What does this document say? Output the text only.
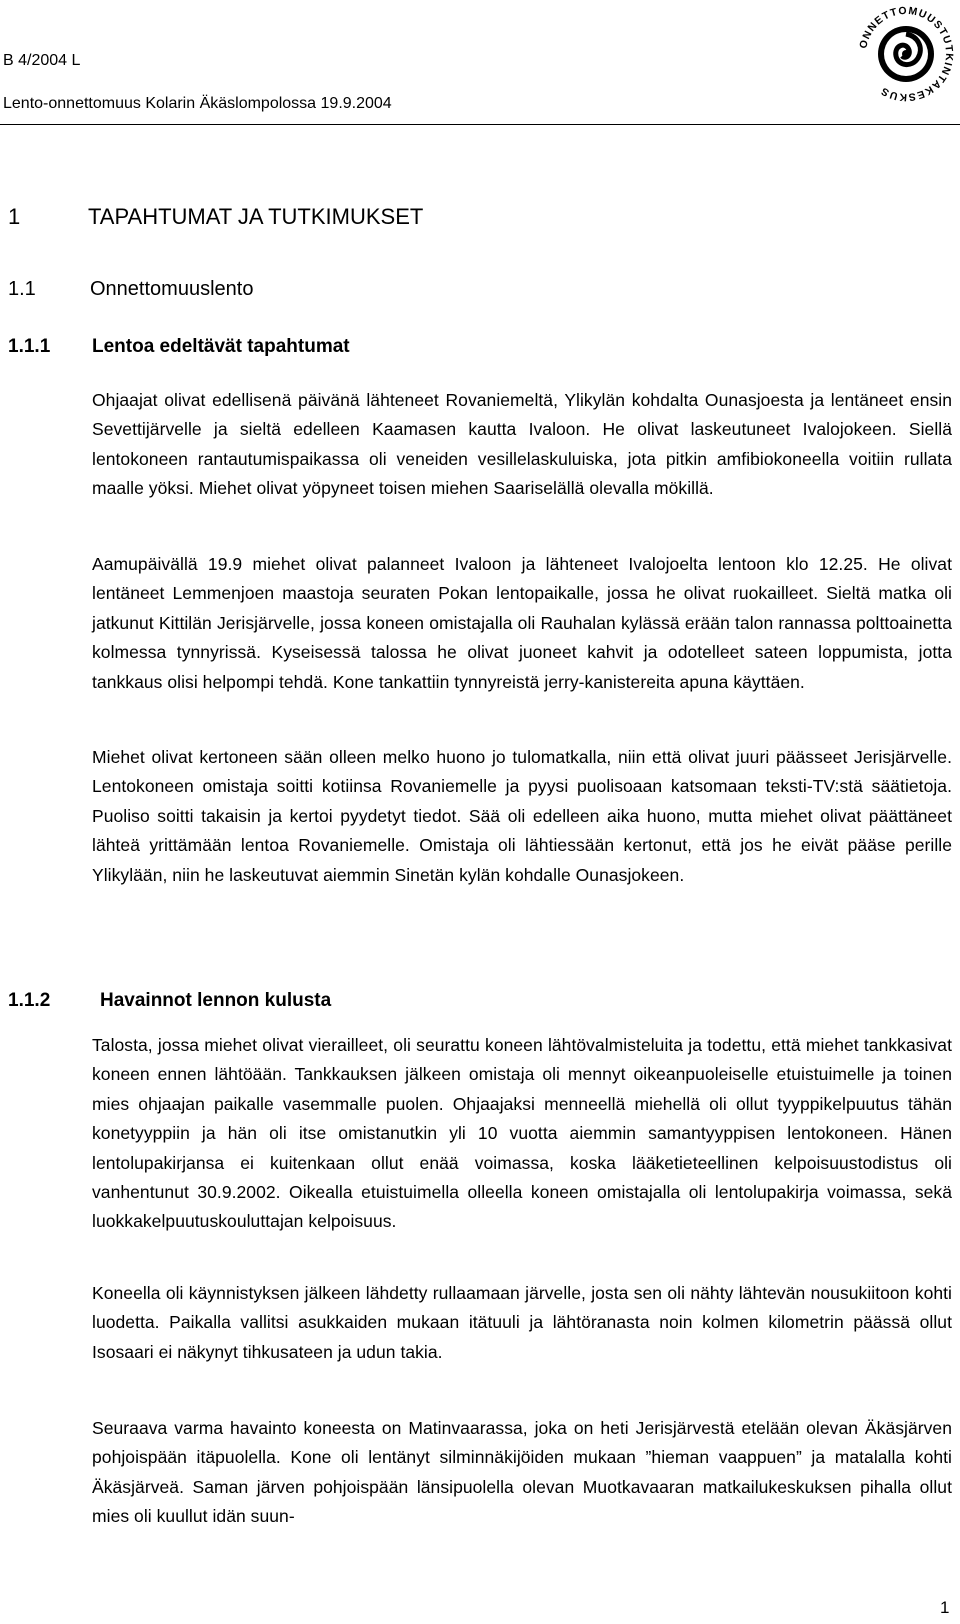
B 4/2004 L
Lento-onnettomuus Kolarin Äkäslompolossa 19.9.2004
ONNETTOMUUSTUTKINTAKESKUS
1	TAPAHTUMAT JA TUTKIMUKSET
1.1	Onnettomuuslento
1.1.1 Lentoa edeltävät tapahtumat

Ohjaajat olivat edellisenä päivänä lähteneet Rovaniemeltä, Ylikylän kohdalta Ounasjoesta ja lentäneet ensin Sevettijärvelle ja sieltä edelleen Kaamasen kautta Ivaloon. He olivat laskeutuneet Ivalojokeen. Siellä lentokoneen rantautumispaikassa oli veneiden vesillelaskuluiska, jota pitkin amfibiokoneella voitiin rullata maalle yöksi. Miehet olivat yöpyneet toisen miehen Saariselällä olevalla mökillä.

Aamupäivällä 19.9 miehet olivat palanneet Ivaloon ja lähteneet Ivalojoelta lentoon klo 12.25. He olivat lentäneet Lemmenjoen maastoja seuraten Pokan lentopaikalle, jossa he olivat ruokailleet. Sieltä matka oli jatkunut Kittilän Jerisjärvelle, jossa koneen omistajalla oli Rauhalan kylässä erään talon rannassa polttoainetta kolmessa tynnyrissä. Kyseisessä talossa he olivat juoneet kahvit ja odotelleet sateen loppumista, jotta tankkaus olisi helpompi tehdä. Kone tankattiin tynnyreistä jerry-kanistereita apuna käyttäen.

Miehet olivat kertoneen sään olleen melko huono jo tulomatkalla, niin että olivat juuri päässeet Jerisjärvelle. Lentokoneen omistaja soitti kotiinsa Rovaniemelle ja pyysi puolisoaan katsomaan teksti-TV:stä säätietoja. Puoliso soitti takaisin ja kertoi pyydetyt tiedot. Sää oli edelleen aika huono, mutta miehet olivat päättäneet lähteä yrittämään lentoa Rovaniemelle. Omistaja oli lähtiessään kertonut, että jos he eivät pääse perille Ylikylään, niin he laskeutuvat aiemmin Sinetän kylän kohdalle Ounasjokeen.

1.1.2	Havainnot lennon kulusta

Talosta, jossa miehet olivat vierailleet, oli seurattu koneen lähtövalmisteluita ja todettu, että miehet tankkasivat koneen ennen lähtöään. Tankkauksen jälkeen omistaja oli mennyt oikeanpuoleiselle etuistuimelle ja toinen mies ohjaajan paikalle vasemmalle puolen. Ohjaajaksi menneellä miehellä oli ollut tyyppikelpuutus tähän konetyyppiin ja hän oli itse omistanutkin yli 10 vuotta aiemmin samantyyppisen lentokoneen. Hänen lentolupakirjansa ei kuitenkaan ollut enää voimassa, koska lääketieteellinen kelpoisuustodistus oli vanhentunut 30.9.2002. Oikealla etuistuimella olleella koneen omistajalla oli lentolupakirja voimassa, sekä luokkakelpuutuskouluttajan kelpoisuus.

Koneella oli käynnistyksen jälkeen lähdetty rullaamaan järvelle, josta sen oli nähty lähtevän nousukiitoon kohti luodetta. Paikalla vallitsi asukkaiden mukaan itätuuli ja lähtöranasta noin kolmen kilometrin päässä ollut Isosaari ei näkynyt tihkusateen ja udun takia.

Seuraava varma havainto koneesta on Matinvaarassa, joka on heti Jerisjärvestä etelään olevan Äkäsjärven pohjoispään itäpuolella. Kone oli lentänyt silminnäkijöiden mukaan ”hieman vaappuen” ja matalalla kohti Äkäsjärveä. Saman järven pohjoispään länsipuolella olevan Muotkavaaran matkailukeskuksen pihalla ollut mies oli kuullut idän suun-

1
